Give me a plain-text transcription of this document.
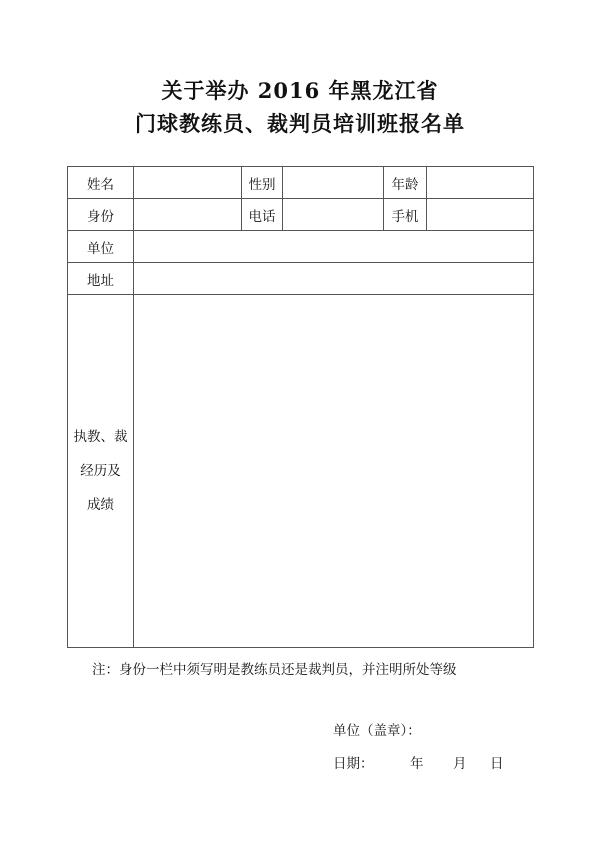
关于举办 2016 年黑龙江省
门球教练员、裁判员培训班报名单
姓名		性别		年龄	
身份		电话		手机	
单位					
地址					

执教、裁
经历及
成绩					

注：身份一栏中须写明是教练员还是裁判员，并注明所处等级
单位（盖章）：
日期：	年 月 日
